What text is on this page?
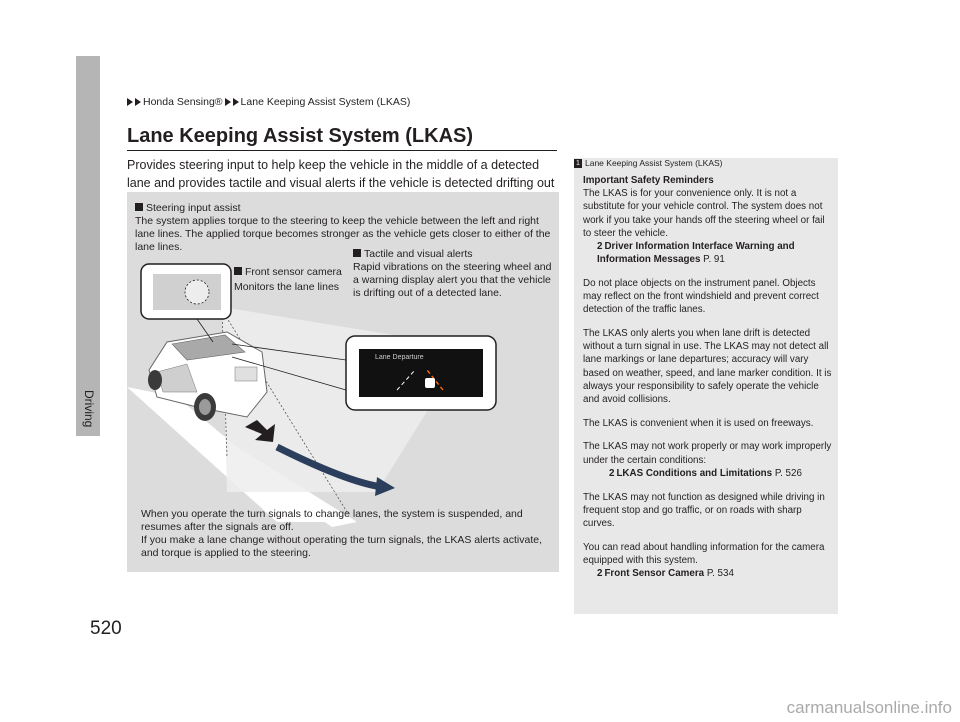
Driving
520
Honda Sensing® Lane Keeping Assist System (LKAS)
Lane Keeping Assist System (LKAS)
Provides steering input to help keep the vehicle in the middle of a detected lane and provides tactile and visual alerts if the vehicle is detected drifting out
Lane Departure
Steering input assist
The system applies torque to the steering to keep the vehicle between the left and right lane lines. The applied torque becomes stronger as the vehicle gets closer to either of the lane lines.
Tactile and visual alerts
Rapid vibrations on the steering wheel and a warning display alert you that the vehicle is drifting out of a detected lane.
Front sensor camera
Monitors the lane lines
When you operate the turn signals to change lanes, the system is suspended, and resumes after the signals are off.
If you make a lane change without operating the turn signals, the LKAS alerts activate, and torque is applied to the steering.
1 Lane Keeping Assist System (LKAS)

Important Safety Reminders
The LKAS is for your convenience only. It is not a substitute for your vehicle control. The system does not work if you take your hands off the steering wheel or fail to steer the vehicle.
2 Driver Information Interface Warning and Information Messages P. 91

Do not place objects on the instrument panel. Objects may reflect on the front windshield and prevent correct detection of the traffic lanes.

The LKAS only alerts you when lane drift is detected without a turn signal in use. The LKAS may not detect all lane markings or lane departures; accuracy will vary based on weather, speed, and lane marker condition. It is always your responsibility to safely operate the vehicle and avoid collisions.

The LKAS is convenient when it is used on freeways.

The LKAS may not work properly or may work improperly under the certain conditions:
2 LKAS Conditions and Limitations P. 526

The LKAS may not function as designed while driving in frequent stop and go traffic, or on roads with sharp curves.

You can read about handling information for the camera equipped with this system.
2 Front Sensor Camera P. 534

carmanualsonline.info
